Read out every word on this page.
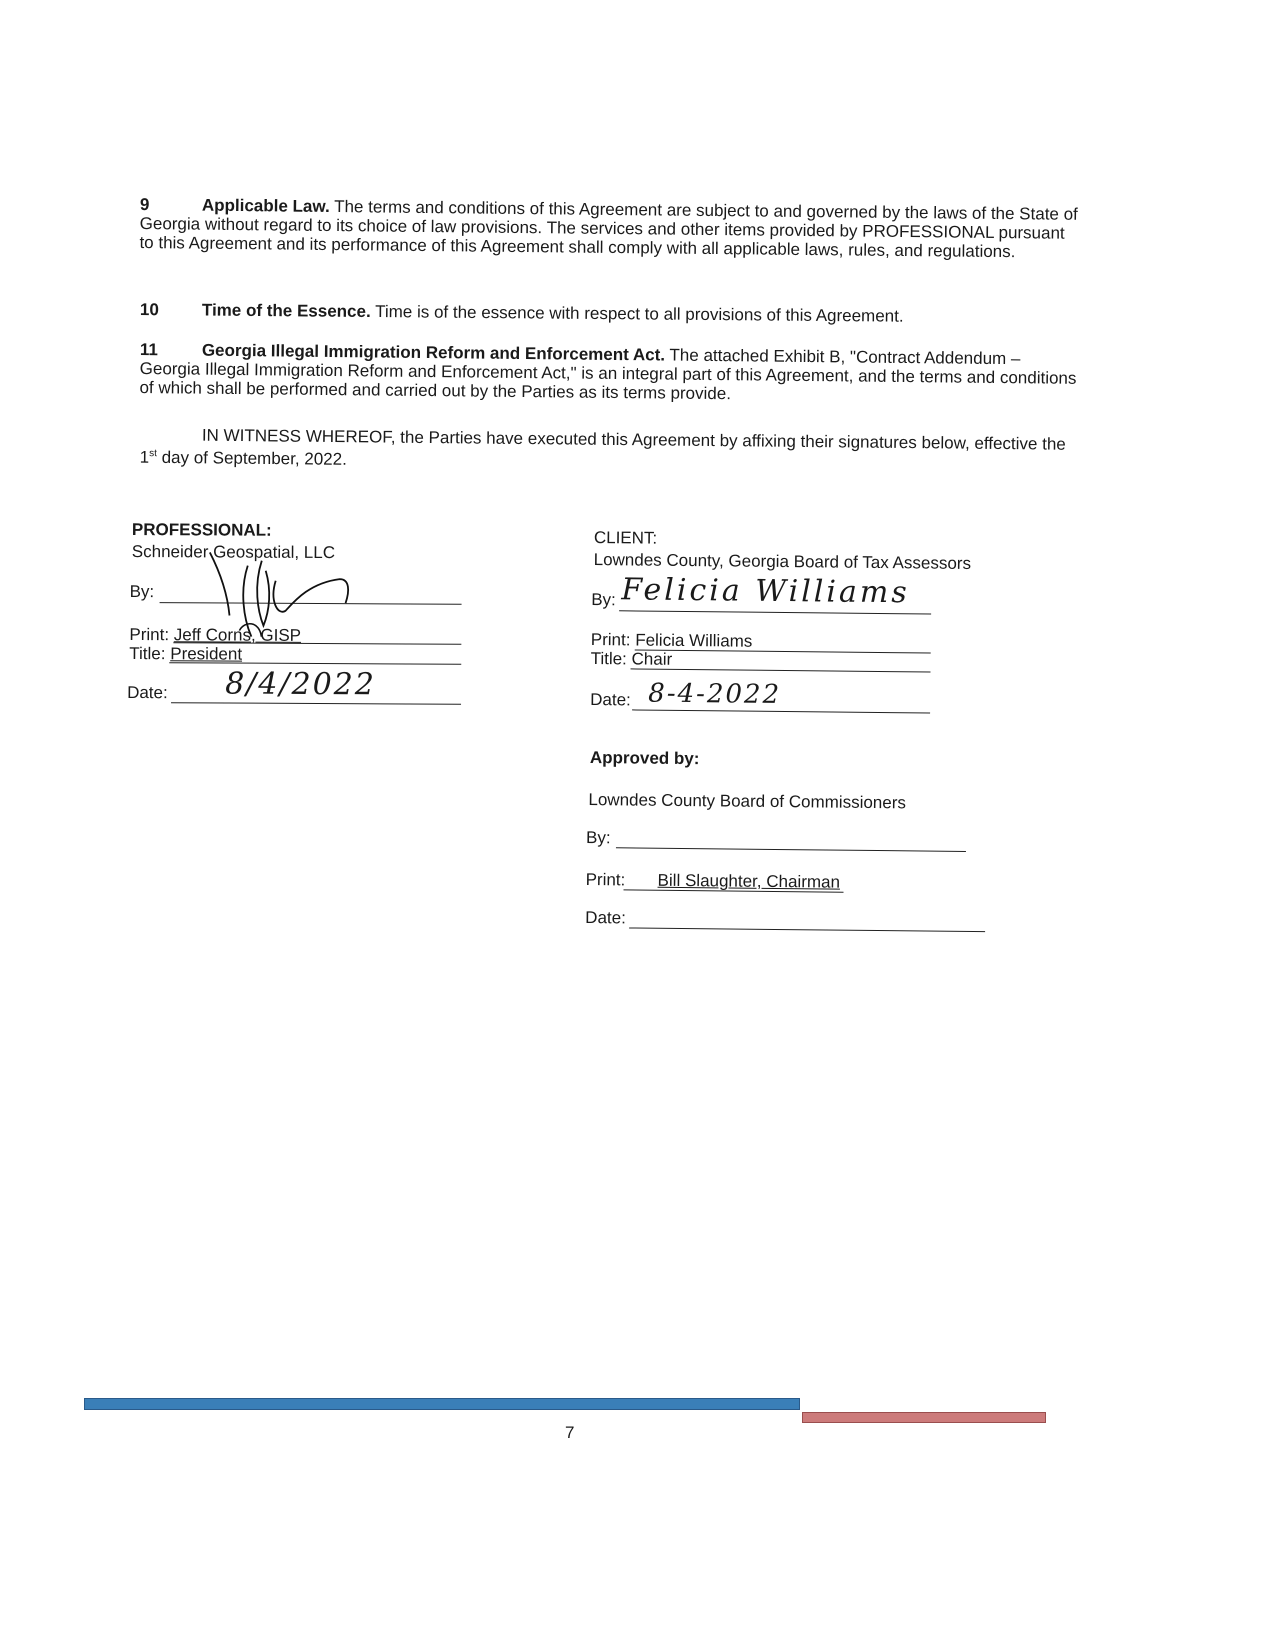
9	Applicable Law. The terms and conditions of this Agreement are subject to and governed by the laws of the State of Georgia without regard to its choice of law provisions. The services and other items provided by PROFESSIONAL pursuant to this Agreement and its performance of this Agreement shall comply with all applicable laws, rules, and regulations.
10	Time of the Essence. Time is of the essence with respect to all provisions of this Agreement.
11	Georgia Illegal Immigration Reform and Enforcement Act. The attached Exhibit B, "Contract Addendum – Georgia Illegal Immigration Reform and Enforcement Act," is an integral part of this Agreement, and the terms and conditions of which shall be performed and carried out by the Parties as its terms provide.
IN WITNESS WHEREOF, the Parties have executed this Agreement by affixing their signatures below, effective the 1st day of September, 2022.
PROFESSIONAL:
Schneider Geospatial, LLC
By:
Print: Jeff Corns, GISP
Title: President
Date: 8/4/2022
CLIENT:
Lowndes County, Georgia Board of Tax Assessors
By: Felicia Williams
Print: Felicia Williams
Title: Chair
Date: 8-4-2022
Approved by:
Lowndes County Board of Commissioners
By:
Print: Bill Slaughter, Chairman
Date:
7
